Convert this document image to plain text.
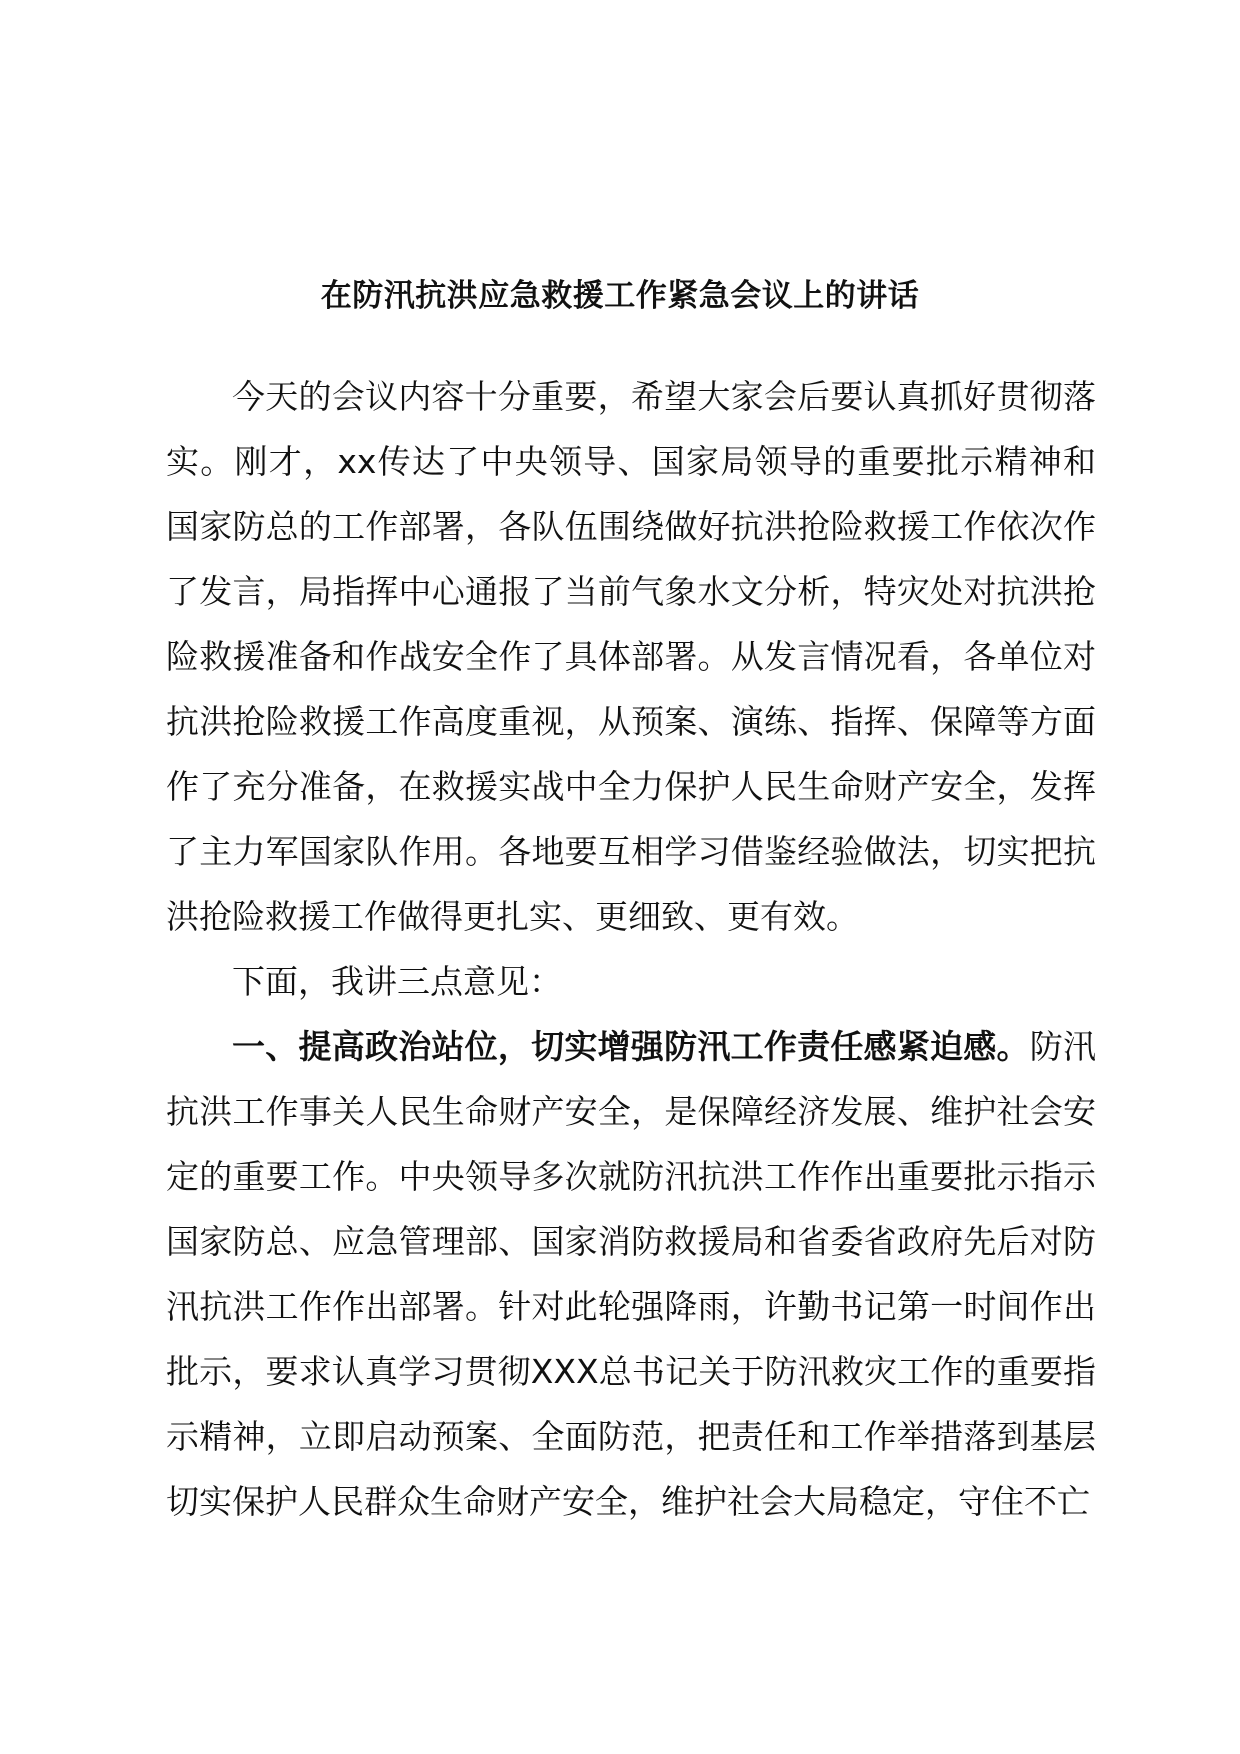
在防汛抗洪应急救援工作紧急会议上的讲话

今天的会议内容十分重要，希望大家会后要认真抓好贯彻落实。刚才，xx传达了中央领导、国家局领导的重要批示精神和国家防总的工作部署，各队伍围绕做好抗洪抢险救援工作依次作了发言，局指挥中心通报了当前气象水文分析，特灾处对抗洪抢险救援准备和作战安全作了具体部署。从发言情况看，各单位对抗洪抢险救援工作高度重视，从预案、演练、指挥、保障等方面作了充分准备，在救援实战中全力保护人民生命财产安全，发挥了主力军国家队作用。各地要互相学习借鉴经验做法，切实把抗洪抢险救援工作做得更扎实、更细致、更有效。

下面，我讲三点意见：

一、提高政治站位，切实增强防汛工作责任感紧迫感。防汛抗洪工作事关人民生命财产安全，是保障经济发展、维护社会安定的重要工作。中央领导多次就防汛抗洪工作作出重要批示指示国家防总、应急管理部、国家消防救援局和省委省政府先后对防汛抗洪工作作出部署。针对此轮强降雨，许勤书记第一时间作出批示，要求认真学习贯彻XXX总书记关于防汛救灾工作的重要指示精神，立即启动预案、全面防范，把责任和工作举措落到基层切实保护人民群众生命财产安全，维护社会大局稳定，守住不亡
